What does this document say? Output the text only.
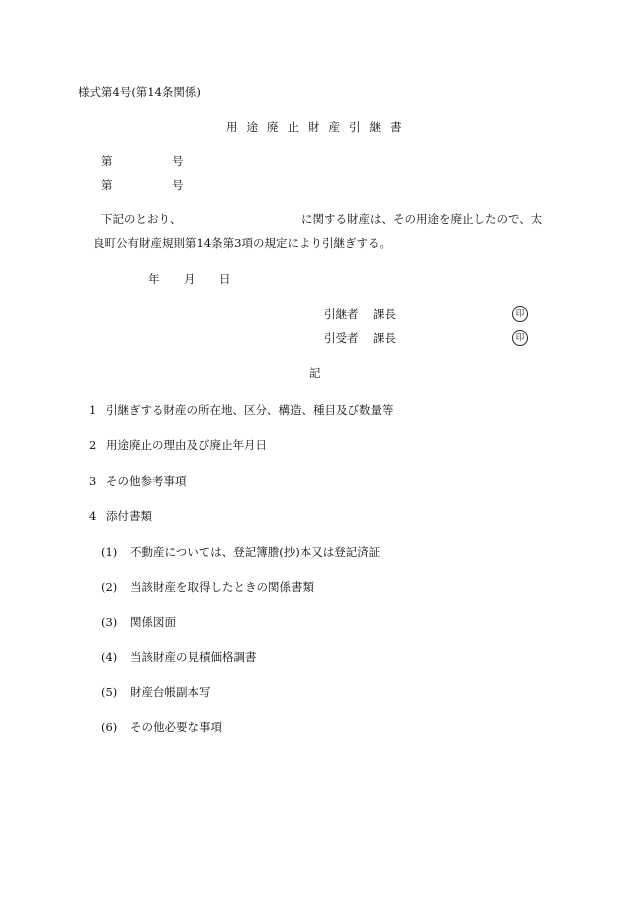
様式第4号(第14条関係)
用途廃止財産引継書
第	号
第	号
下記のとおり、	に関する財産は、その用途を廃止したので、太
良町公有財産規則第14条第3項の規定により引継ぎする。
年 月 日
引継者 課長	印
引受者 課長	印
記
1 引継ぎする財産の所在地、区分、構造、種目及び数量等
2 用途廃止の理由及び廃止年月日
3 その他参考事項
4 添付書類
(1) 不動産については、登記簿謄(抄)本又は登記済証
(2) 当該財産を取得したときの関係書類
(3) 関係図面
(4) 当該財産の見積価格調書
(5) 財産台帳副本写
(6) その他必要な事項
